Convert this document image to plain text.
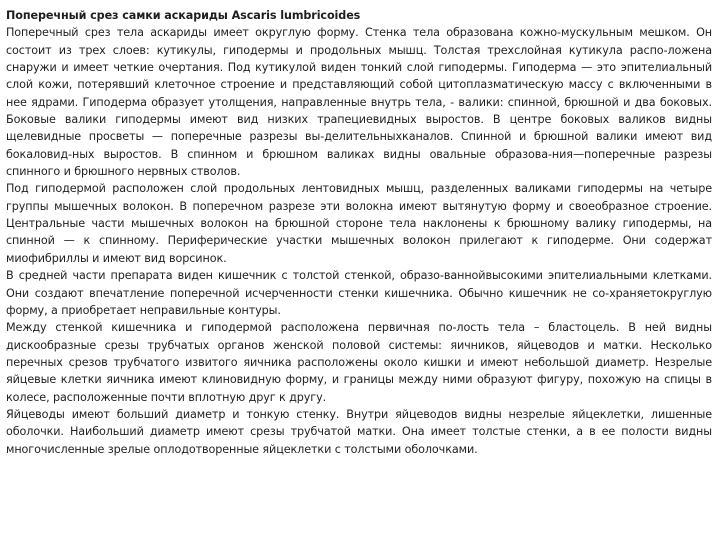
Поперечный срез самки аскариды Ascaris lumbricoides

Поперечный срез тела аскариды имеет округлую форму. Стенка тела образована кожно-мускульным мешком. Он состоит из трех слоев: кутикулы, гиподермы и продольных мышц. Толстая трехслойная кутикула распо-ложена снаружи и имеет четкие очертания. Под кутикулой виден тонкий слой гиподермы. Гиподерма — это эпителиальный слой кожи, потерявший клеточное строение и представляющий собой цитоплазматическую массу с включенными в нее ядрами. Гиподерма образует утолщения, направленные внутрь тела, - валики: спинной, брюшной и два боковых. Боковые валики гиподермы имеют вид низких трапециевидных выростов. В центре боковых валиков видны щелевидные просветы — поперечные разрезы вы-делительныхканалов. Спинной и брюшной валики имеют вид бокаловид-ных выростов. В спинном и брюшном валиках видны овальные образова-ния—поперечные разрезы спинного и брюшного нервных стволов.

Под гиподермой расположен слой продольных лентовидных мышц, разделенных валиками гиподермы на четыре группы мышечных волокон. В поперечном разрезе эти волокна имеют вытянутую форму и своеобразное строение. Центральные части мышечных волокон на брюшной стороне тела наклонены к брюшному валику гиподермы, на спинной — к спинному. Периферические участки мышечных волокон прилегают к гиподерме. Они содержат миофибриллы и имеют вид ворсинок.

В средней части препарата виден кишечник с толстой стенкой, образо-ваннойвысокими эпителиальными клетками. Они создают впечатление поперечной исчерченности стенки кишечника. Обычно кишечник не со-храняетокруглую форму, а приобретает неправильные контуры.

Между стенкой кишечника и гиподермой расположена первичная по-лость тела – бластоцель. В ней видны дискообразные срезы трубчатых органов женской половой системы: яичников, яйцеводов и матки. Несколько перечных срезов трубчатого извитого яичника расположены около кишки и имеют небольшой диаметр. Незрелые яйцевые клетки яичника имеют клиновидную форму, и границы между ними образуют фигуру, похожую на спицы в колесе, расположенные почти вплотную друг к другу.

Яйцеводы имеют больший диаметр и тонкую стенку. Внутри яйцеводов видны незрелые яйцеклетки, лишенные оболочки. Наибольший диаметр имеют срезы трубчатой матки. Она имеет толстые стенки, а в ее полости видны многочисленные зрелые оплодотворенные яйцеклетки с толстыми оболочками.
